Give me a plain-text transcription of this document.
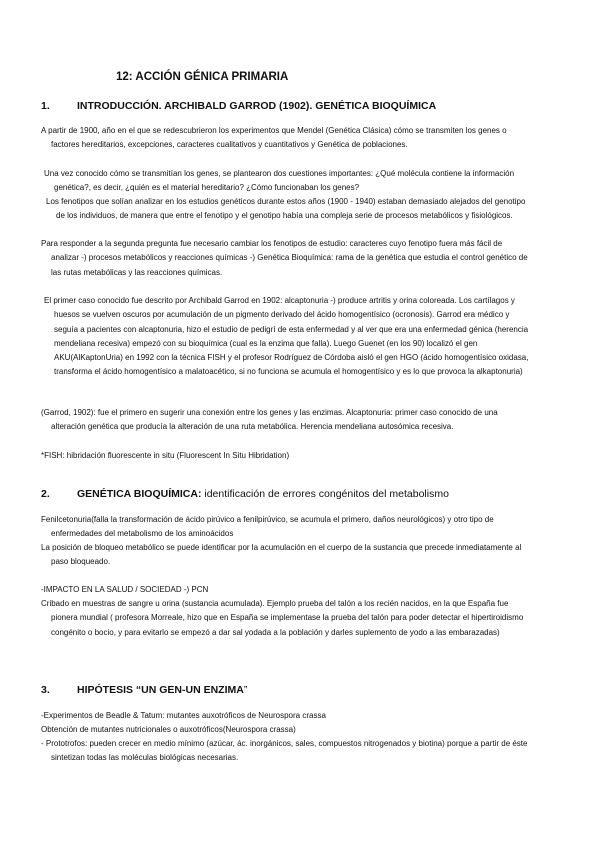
12: ACCIÓN GÉNICA PRIMARIA
1.	INTRODUCCIÓN. ARCHIBALD GARROD (1902). GENÉTICA BIOQUÍMICA

A partir de 1900, año en el que se redescubrieron los experimentos que Mendel (Genética Clásica) cómo se transmiten los genes o factores hereditarios, excepciones, caracteres cualitativos y cuantitativos y Genética de poblaciones.

Una vez conocido cómo se transmitían los genes, se plantearon dos cuestiones importantes: ¿Qué molécula contiene la información genética?, es decir, ¿quién es el material hereditario? ¿Cómo funcionaban los genes?

Los fenotipos que solían analizar en los estudios genéticos durante estos años (1900 - 1940) estaban demasiado alejados del genotipo de los individuos, de manera que entre el fenotipo y el genotipo había una compleja serie de procesos metabólicos y fisiológicos.

Para responder a la segunda pregunta fue necesario cambiar los fenotipos de estudio: caracteres cuyo fenotipo fuera más fácil de analizar -) procesos metabólicos y reacciones químicas -) Genética Bioquímica: rama de la genética que estudia el control genético de las rutas metabólicas y las reacciones químicas.

El primer caso conocido fue descrito por Archibald Garrod en 1902: alcaptonuria -) produce artritis y orina coloreada. Los cartílagos y huesos se vuelven oscuros por acumulación de un pigmento derivado del ácido homogentísico (ocronosis). Garrod era médico y seguía a pacientes con alcaptonuria, hizo el estudio de pedigrí de esta enfermedad y al ver que era una enfermedad génica (herencia mendeliana recesiva) empezó con su bioquímica (cual es la enzima que falla). Luego Guenet (en los 90) localizó el gen AKU(AlKaptonUria) en 1992 con la técnica FISH y el profesor Rodríguez de Córdoba aisló el gen HGO (ácido homogentísico oxidasa, transforma el ácido homogentísico a malatoacético, si no funciona se acumula el homogentísico y es lo que provoca la alkaptonuria)

(Garrod, 1902): fue el primero en sugerir una conexión entre los genes y las enzimas. Alcaptonuria: primer caso conocido de una alteración genética que producía la alteración de una ruta metabólica. Herencia mendeliana autosómica recesiva.

*FISH: hibridación fluorescente in situ (Fluorescent In Situ Hibridation)

2.	GENÉTICA BIOQUÍMICA: identificación de errores congénitos del metabolismo

Fenilcetonuria(falla la transformación de ácido pirúvico a fenilpirúvico, se acumula el primero, daños neurológicos) y otro tipo de enfermedades del metabolismo de los aminoácidos

La posición de bloqueo metabólico se puede identificar por la acumulación en el cuerpo de la sustancia que precede inmediatamente al paso bloqueado.

-IMPACTO EN LA SALUD / SOCIEDAD -) PCN

Cribado en muestras de sangre u orina (sustancia acumulada). Ejemplo prueba del talón a los recién nacidos, en la que España fue pionera mundial ( profesora Morreale, hizo que en España se implementase la prueba del talón para poder detectar el hipertiroidismo congénito o bocio, y para evitarlo se empezó a dar sal yodada a la población y darles suplemento de yodo a las embarazadas)

3.	HIPÓTESIS “UN GEN-UN ENZIMA”

-Experimentos de Beadle & Tatum: mutantes auxotróficos de Neurospora crassa

Obtención de mutantes nutricionales o auxotróficos(Neurospora crassa)

- Prototrofos: pueden crecer en medio mínimo (azúcar, ác. inorgánicos, sales, compuestos nitrogenados y biotina) porque a partir de éste sintetizan todas las moléculas biológicas necesarias.
